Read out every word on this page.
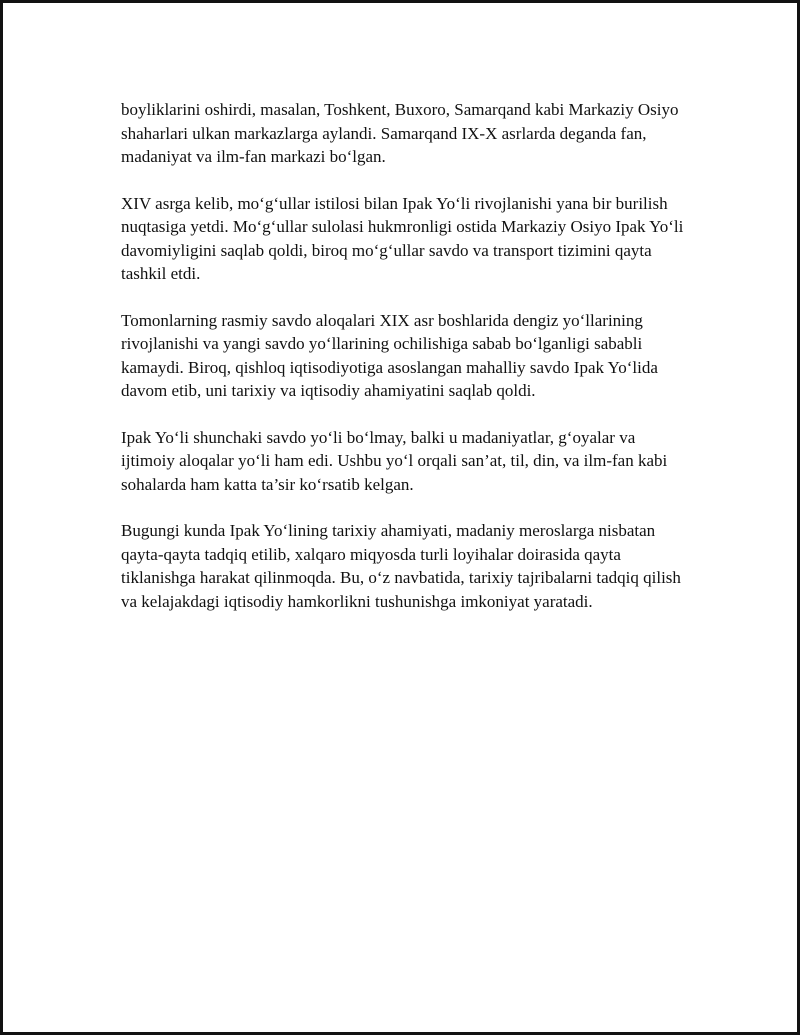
boyliklarini oshirdi, masalan, Toshkent, Buxoro, Samarqand kabi Markaziy Osiyo shaharlari ulkan markazlarga aylandi. Samarqand IX-X asrlarda deganda fan, madaniyat va ilm-fan markazi bo‘lgan.

XIV asrga kelib, mo‘g‘ullar istilosi bilan Ipak Yo‘li rivojlanishi yana bir burilish nuqtasiga yetdi. Mo‘g‘ullar sulolasi hukmronligi ostida Markaziy Osiyo Ipak Yo‘li davomiyligini saqlab qoldi, biroq mo‘g‘ullar savdo va transport tizimini qayta tashkil etdi.

Tomonlarning rasmiy savdo aloqalari XIX asr boshlarida dengiz yo‘llarining rivojlanishi va yangi savdo yo‘llarining ochilishiga sabab bo‘lganligi sababli kamaydi. Biroq, qishloq iqtisodiyotiga asoslangan mahalliy savdo Ipak Yo‘lida davom etib, uni tarixiy va iqtisodiy ahamiyatini saqlab qoldi.

Ipak Yo‘li shunchaki savdo yo‘li bo‘lmay, balki u madaniyatlar, g‘oyalar va ijtimoiy aloqalar yo‘li ham edi. Ushbu yo‘l orqali san’at, til, din, va ilm-fan kabi sohalarda ham katta ta’sir ko‘rsatib kelgan.

Bugungi kunda Ipak Yo‘lining tarixiy ahamiyati, madaniy meroslarga nisbatan qayta-qayta tadqiq etilib, xalqaro miqyosda turli loyihalar doirasida qayta tiklanishga harakat qilinmoqda. Bu, o‘z navbatida, tarixiy tajribalarni tadqiq qilish va kelajakdagi iqtisodiy hamkorlikni tushunishga imkoniyat yaratadi.
